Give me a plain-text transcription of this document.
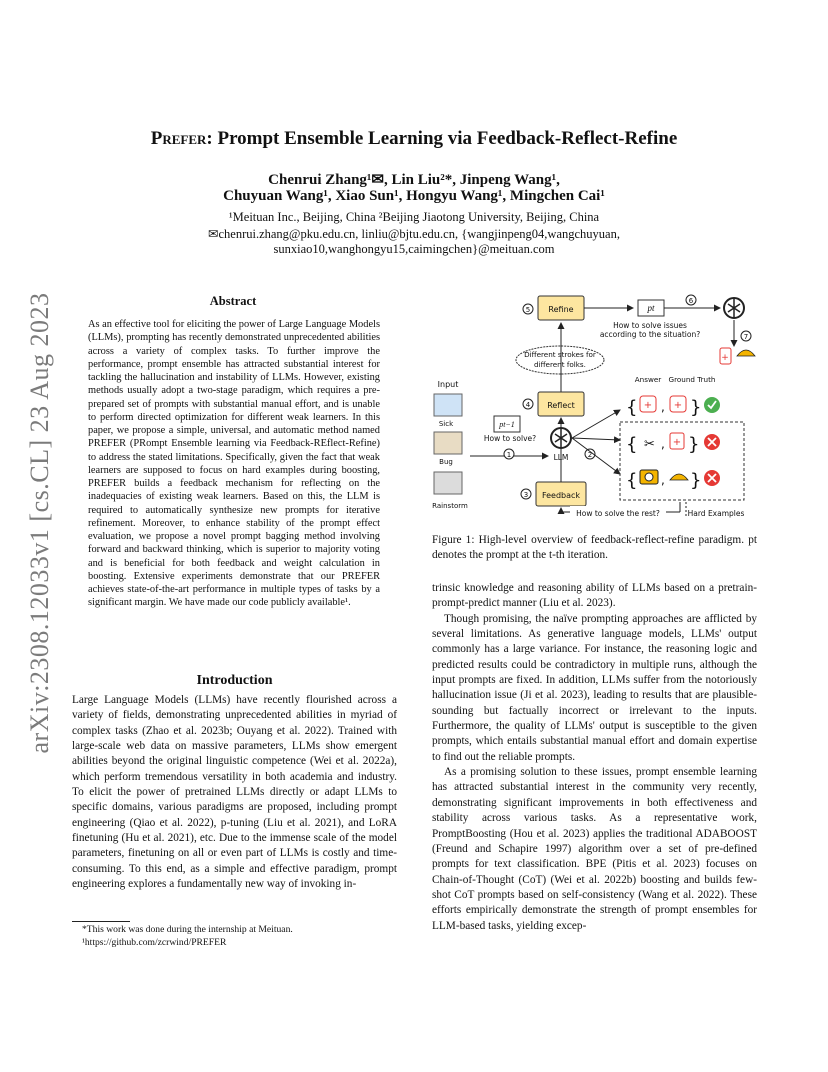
arXiv:2308.12033v1 [cs.CL] 23 Aug 2023
Prefer: Prompt Ensemble Learning via Feedback-Reflect-Refine
Chenrui Zhang¹✉, Lin Liu²*, Jinpeng Wang¹,
Chuyuan Wang¹, Xiao Sun¹, Hongyu Wang¹, Mingchen Cai¹
¹Meituan Inc., Beijing, China ²Beijing Jiaotong University, Beijing, China
✉chenrui.zhang@pku.edu.cn, linliu@bjtu.edu.cn, {wangjinpeng04,wangchuyuan,
sunxiao10,wanghongyu15,caimingchen}@meituan.com
Abstract
As an effective tool for eliciting the power of Large Language Models (LLMs), prompting has recently demonstrated unprecedented abilities across a variety of complex tasks. To further improve the performance, prompt ensemble has attracted substantial interest for tackling the hallucination and instability of LLMs. However, existing methods usually adopt a two-stage paradigm, which requires a pre-prepared set of prompts with substantial manual effort, and is unable to perform directed optimization for different weak learners. In this paper, we propose a simple, universal, and automatic method named PREFER (PRompt Ensemble learning via Feedback-REflect-Refine) to address the stated limitations. Specifically, given the fact that weak learners are supposed to focus on hard examples during boosting, PREFER builds a feedback mechanism for reflecting on the inadequacies of existing weak learners. Based on this, the LLM is required to automatically synthesize new prompts for iterative refinement. Moreover, to enhance stability of the prompt effect evaluation, we propose a novel prompt bagging method involving forward and backward thinking, which is superior to majority voting and is beneficial for both feedback and weight calculation in boosting. Extensive experiments demonstrate that our PREFER achieves state-of-the-art performance in multiple types of tasks by a significant margin. We have made our code publicly available¹.
Introduction
Large Language Models (LLMs) have recently flourished across a variety of fields, demonstrating unprecedented abilities in myriad of complex tasks (Zhao et al. 2023b; Ouyang et al. 2022). Trained with large-scale web data on massive parameters, LLMs show emergent abilities beyond the original linguistic competence (Wei et al. 2022a), which perform tremendous versatility in both academia and industry. To elicit the power of pretrained LLMs directly or adapt LLMs to specific domains, various paradigms are proposed, including prompt engineering (Qiao et al. 2022), p-tuning (Liu et al. 2021), and LoRA finetuning (Hu et al. 2021), etc. Due to the immense scale of the model parameters, finetuning on all or even part of LLMs is costly and time-consuming. To this end, as a simple and effective paradigm, prompt engineering explores a fundamentally new way of invoking in-
*This work was done during the internship at Meituan.
¹https://github.com/zcrwind/PREFER
Refine
5	pt
6
How to solve issues
according to the situation?	7
+
Different strokes for
different folks.
Reflect
4
Input
Sick
Bug
Rainstorm
pt−1
How to solve?
1	LLM	2
Feedback
3
Answer Ground Truth
{ + , + }
{ ✂ , + }
{ , }
How to solve the rest?	Hard Examples
Figure 1: High-level overview of feedback-reflect-refine paradigm. pt denotes the prompt at the t-th iteration.

trinsic knowledge and reasoning ability of LLMs based on a pretrain-prompt-predict manner (Liu et al. 2023).

Though promising, the naïve prompting approaches are afflicted by several limitations. As generative language models, LLMs' output commonly has a large variance. For instance, the reasoning logic and predicted results could be contradictory in multiple runs, although the input prompts are fixed. In addition, LLMs suffer from the notoriously hallucination issue (Ji et al. 2023), leading to results that are plausible-sounding but factually incorrect or irrelevant to the inputs. Furthermore, the quality of LLMs' output is susceptible to the given prompts, which entails substantial manual effort and domain expertise to find out the reliable prompts.

As a promising solution to these issues, prompt ensemble learning has attracted substantial interest in the community very recently, demonstrating significant improvements in both effectiveness and stability across various tasks. As a representative work, PromptBoosting (Hou et al. 2023) applies the traditional ADABOOST (Freund and Schapire 1997) algorithm over a set of pre-defined prompts for text classification. BPE (Pitis et al. 2023) focuses on Chain-of-Thought (CoT) (Wei et al. 2022b) boosting and builds few-shot CoT prompts based on self-consistency (Wang et al. 2022). These efforts empirically demonstrate the strength of prompt ensembles for LLM-based tasks, yielding excep-
